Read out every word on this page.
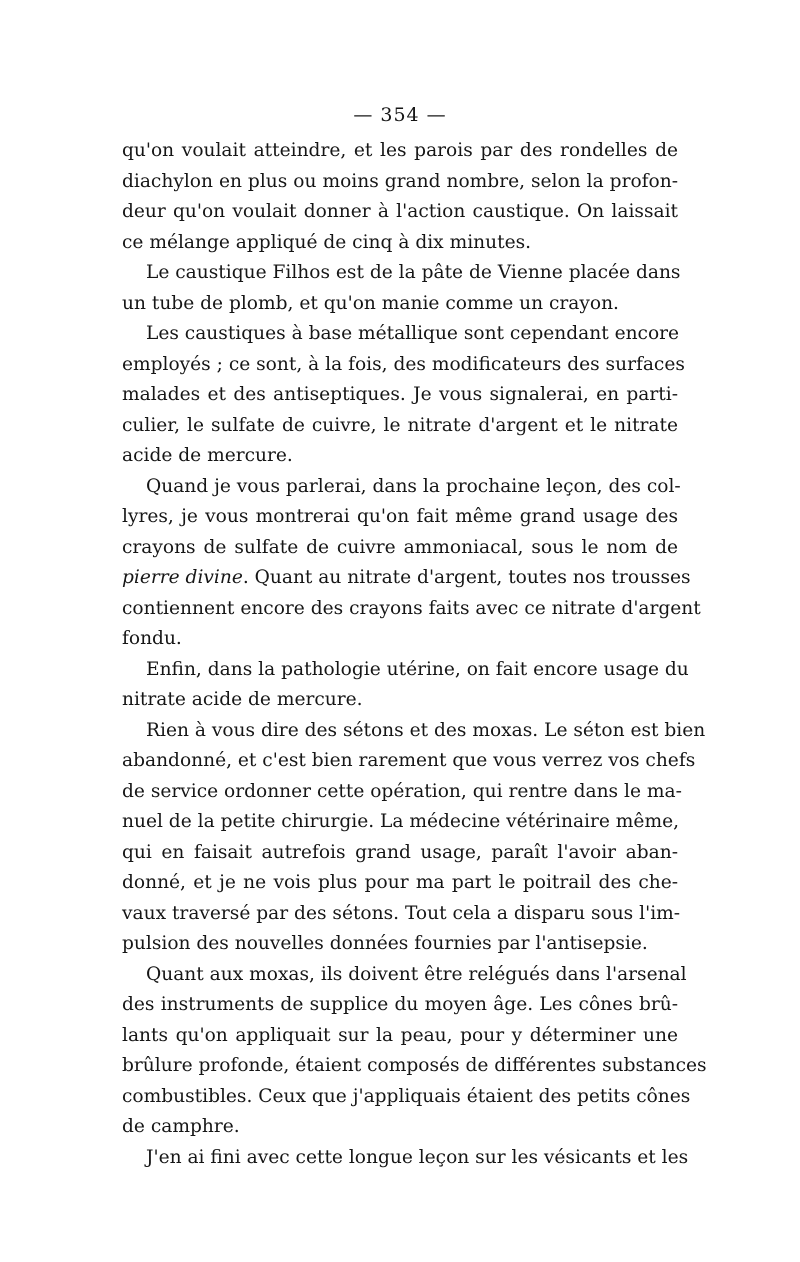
— 354 —
qu'on voulait atteindre, et les parois par des rondelles de
diachylon en plus ou moins grand nombre, selon la profon-
deur qu'on voulait donner à l'action caustique. On laissait
ce mélange appliqué de cinq à dix minutes.
Le caustique Filhos est de la pâte de Vienne placée dans
un tube de plomb, et qu'on manie comme un crayon.
Les caustiques à base métallique sont cependant encore
employés ; ce sont, à la fois, des modificateurs des surfaces
malades et des antiseptiques. Je vous signalerai, en parti-
culier, le sulfate de cuivre, le nitrate d'argent et le nitrate
acide de mercure.
Quand je vous parlerai, dans la prochaine leçon, des col-
lyres, je vous montrerai qu'on fait même grand usage des
crayons de sulfate de cuivre ammoniacal, sous le nom de
pierre divine. Quant au nitrate d'argent, toutes nos trousses
contiennent encore des crayons faits avec ce nitrate d'argent
fondu.
Enfin, dans la pathologie utérine, on fait encore usage du
nitrate acide de mercure.
Rien à vous dire des sétons et des moxas. Le séton est bien
abandonné, et c'est bien rarement que vous verrez vos chefs
de service ordonner cette opération, qui rentre dans le ma-
nuel de la petite chirurgie. La médecine vétérinaire même,
qui en faisait autrefois grand usage, paraît l'avoir aban-
donné, et je ne vois plus pour ma part le poitrail des che-
vaux traversé par des sétons. Tout cela a disparu sous l'im-
pulsion des nouvelles données fournies par l'antisepsie.
Quant aux moxas, ils doivent être relégués dans l'arsenal
des instruments de supplice du moyen âge. Les cônes brû-
lants qu'on appliquait sur la peau, pour y déterminer une
brûlure profonde, étaient composés de différentes substances
combustibles. Ceux que j'appliquais étaient des petits cônes
de camphre.
J'en ai fini avec cette longue leçon sur les vésicants et les
